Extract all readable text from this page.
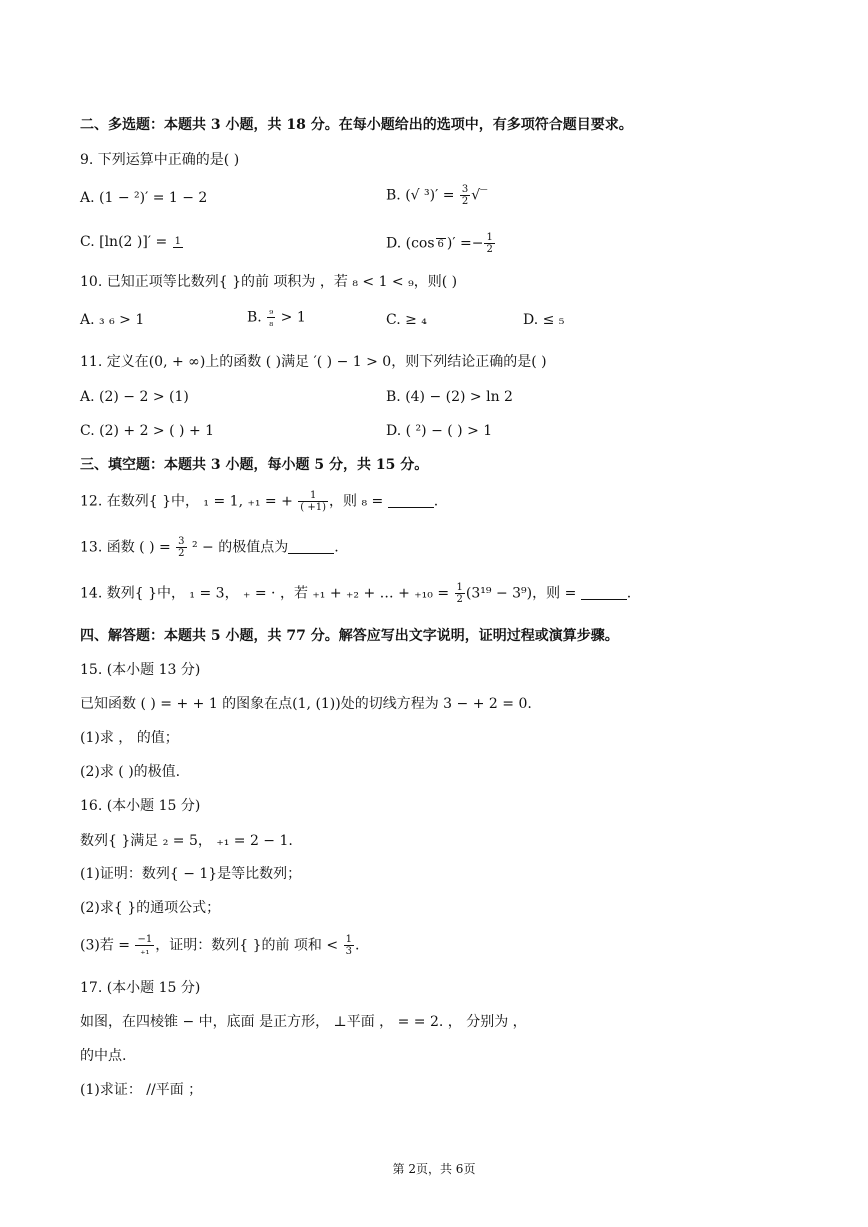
二、多选题：本题共 3 小题，共 18 分。在每小题给出的选项中，有多项符合题目要求。
9. 下列运算中正确的是( )
A. (1 − ²)′ = 1 − 2	B. (√ $^3)' = \frac{3}{2}$ √‾
C. [ln(2 )]′ = 1	D. (cos 6 )′ =− $\frac{1}{2}$
10. 已知正项等比数列{ }的前 项积为 ，若 ₈ < 1 < ₉，则( )
A. ₃ ₆ > 1	B. $\frac{\text{₉}}{\text{₈}} > 1$	C. ≥ ₄	D. ≤ ₅
11. 定义在(0, + ∞)上的函数 ( )满足 ′( ) − 1 > 0，则下列结论正确的是( )
A. (2) − 2 > (1)	B. (4) − (2) > ln 2
C. (2) + 2 > ( ) + 1	D. ( ²) − ( ) > 1
三、填空题：本题共 3 小题，每小题 5 分，共 15 分。
12. 在数列{ }中， ₁ = 1, ₊₁ = + $\frac{1}{( +1)}$ ，则 ₈ =	.
13. 函数 ( ) = $\frac{3}{2} ^2$ − 的极值点为	.
14. 数列{ }中， ₁ = 3， ₊ = · ，若 ₊₁ + ₊₂ + … + $_{+10} = \frac{1}{2} (3^{19} - 3^9)$，则 =	.
四、解答题：本题共 5 小题，共 77 分。解答应写出文字说明，证明过程或演算步骤。
15. (本小题 13 分)
已知函数 ( ) = + + 1 的图象在点(1, (1))处的切线方程为 3 − + 2 = 0.
(1)求 ， 的值；
(2)求 ( )的极值.
16. (本小题 15 分)
数列{ }满足 ₂ = 5， ₊₁ = 2 − 1.
(1)证明：数列{ − 1}是等比数列；
(2)求{ }的通项公式；
(3)若 = $\frac{-1}{\text{₊₁}}$ ，证明：数列{ }的前 项和 < $\frac{1}{3}$ .
17. (本小题 15 分)
如图，在四棱锥 − 中，底面 是正方形， ⊥平面 ， = = 2. ， 分别为 ，
的中点.
(1)求证： //平面 ；
第 2页，共 6页
